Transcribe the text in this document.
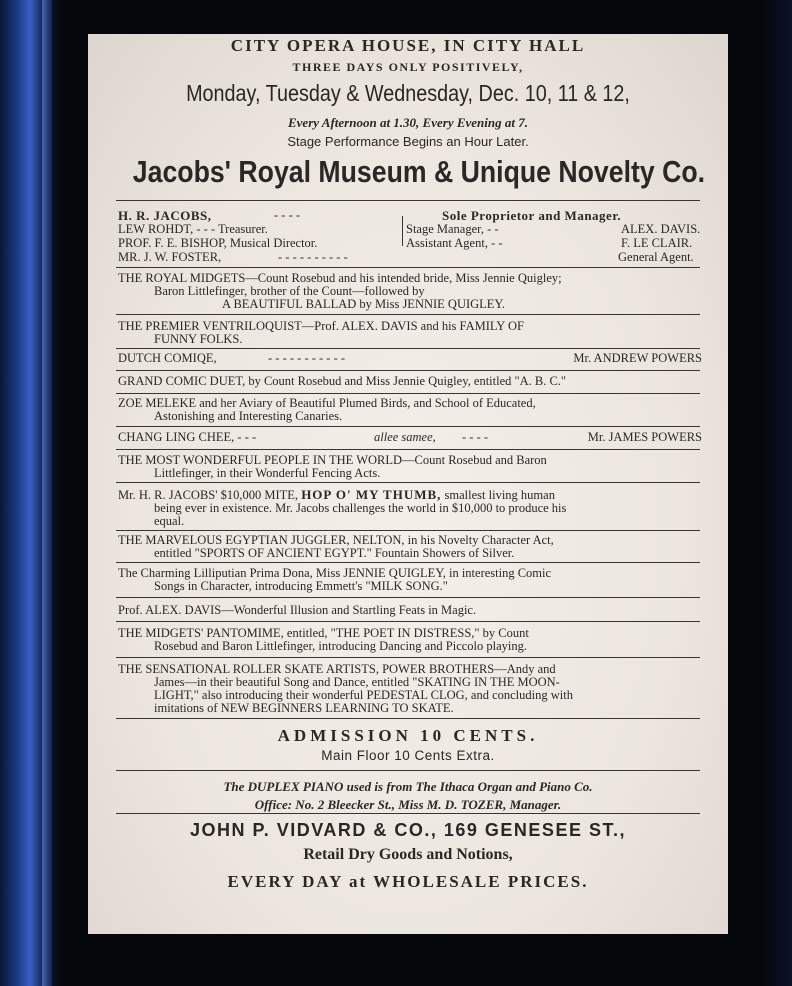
CITY OPERA HOUSE, IN CITY HALL
THREE DAYS ONLY POSITIVELY,
Monday, Tuesday & Wednesday, Dec. 10, 11 & 12,
Every Afternoon at 1.30, Every Evening at 7.
Stage Performance Begins an Hour Later.
Jacobs' Royal Museum & Unique Novelty Co.
H. R. JACOBS,	- - - -	Sole Proprietor and Manager.
LEW ROHDT, - - - Treasurer.	Stage Manager, - -	ALEX. DAVIS.
PROF. F. E. BISHOP, Musical Director.	Assistant Agent, - -	F. LE CLAIR.
MR. J. W. FOSTER,	- - - - - - - - - -	General Agent.
THE ROYAL MIDGETS—Count Rosebud and his intended bride, Miss Jennie Quigley;
Baron Littlefinger, brother of the Count—followed by
A BEAUTIFUL BALLAD by Miss JENNIE QUIGLEY.
THE PREMIER VENTRILOQUIST—Prof. ALEX. DAVIS and his FAMILY OF
FUNNY FOLKS.
DUTCH COMIQE,	- - - - - - - - - - -	Mr. ANDREW POWERS
GRAND COMIC DUET, by Count Rosebud and Miss Jennie Quigley, entitled "A. B. C."
ZOE MELEKE and her Aviary of Beautiful Plumed Birds, and School of Educated,
Astonishing and Interesting Canaries.
CHANG LING CHEE, - - -	allee samee, - - - -	Mr. JAMES POWERS
THE MOST WONDERFUL PEOPLE IN THE WORLD—Count Rosebud and Baron
Littlefinger, in their Wonderful Fencing Acts.
Mr. H. R. JACOBS' $10,000 MITE, HOP O' MY THUMB, smallest living human
being ever in existence. Mr. Jacobs challenges the world in $10,000 to produce his
equal.
THE MARVELOUS EGYPTIAN JUGGLER, NELTON, in his Novelty Character Act,
entitled "SPORTS OF ANCIENT EGYPT." Fountain Showers of Silver.
The Charming Lilliputian Prima Dona, Miss JENNIE QUIGLEY, in interesting Comic
Songs in Character, introducing Emmett's "MILK SONG."
Prof. ALEX. DAVIS—Wonderful Illusion and Startling Feats in Magic.
THE MIDGETS' PANTOMIME, entitled, "THE POET IN DISTRESS," by Count
Rosebud and Baron Littlefinger, introducing Dancing and Piccolo playing.
THE SENSATIONAL ROLLER SKATE ARTISTS, POWER BROTHERS—Andy and
James—in their beautiful Song and Dance, entitled "SKATING IN THE MOON-
LIGHT," also introducing their wonderful PEDESTAL CLOG, and concluding with
imitations of NEW BEGINNERS LEARNING TO SKATE.
ADMISSION 10 CENTS.
Main Floor 10 Cents Extra.
The DUPLEX PIANO used is from The Ithaca Organ and Piano Co.
Office: No. 2 Bleecker St., Miss M. D. TOZER, Manager.
JOHN P. VIDVARD & CO., 169 GENESEE ST.,
Retail Dry Goods and Notions,
EVERY DAY at WHOLESALE PRICES.
